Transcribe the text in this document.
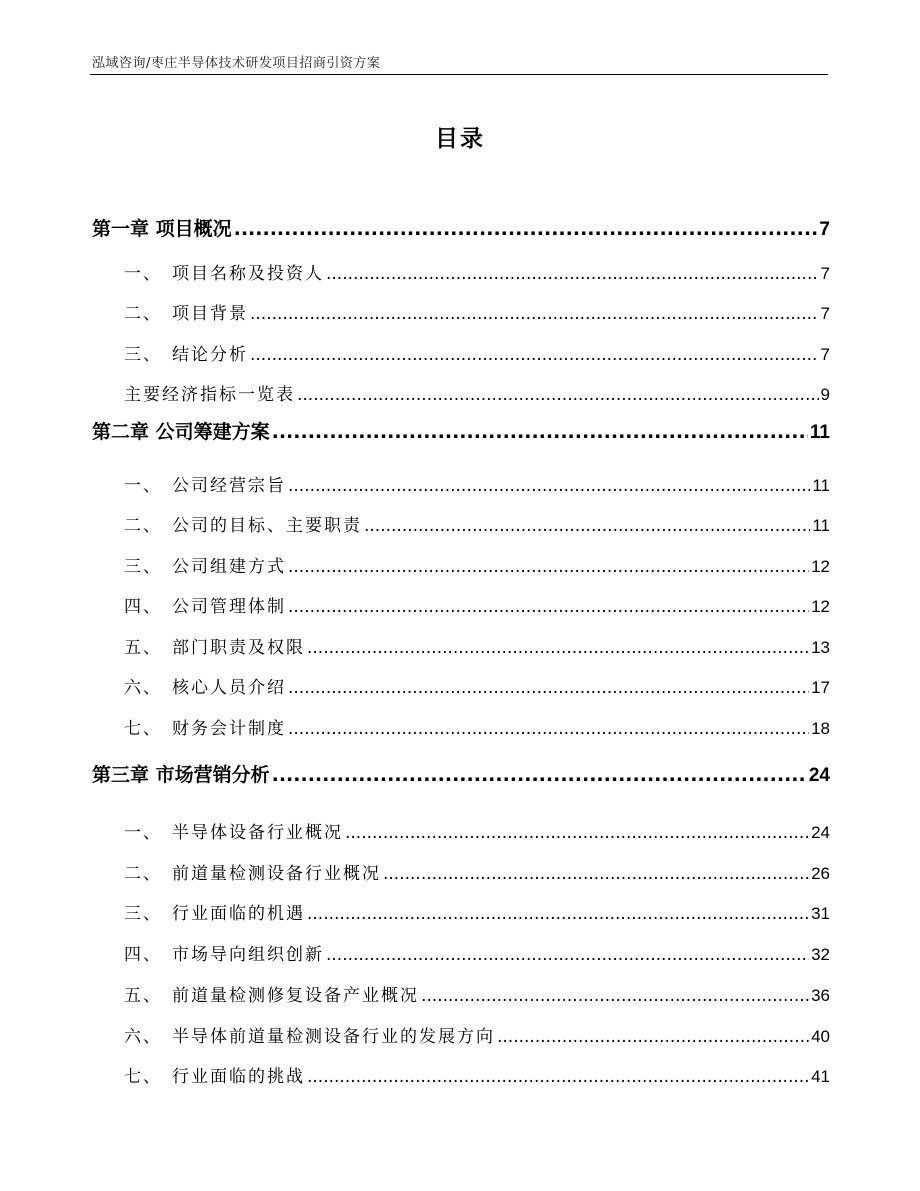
泓域咨询/枣庄半导体技术研发项目招商引资方案
目录
第一章 项目概况 .....	7
一、 项目名称及投资人 .....	7
二、 项目背景 .....	7
三、 结论分析 .....	7
主要经济指标一览表 .....	9
第二章 公司筹建方案 .....	11
一、 公司经营宗旨 .....	11
二、 公司的目标、主要职责 .....	11
三、 公司组建方式 .....	12
四、 公司管理体制 .....	12
五、 部门职责及权限 .....	13
六、 核心人员介绍 .....	17
七、 财务会计制度 .....	18
第三章 市场营销分析 .....	24
一、 半导体设备行业概况 .....	24
二、 前道量检测设备行业概况 .....	26
三、 行业面临的机遇 .....	31
四、 市场导向组织创新 .....	32
五、 前道量检测修复设备产业概况 .....	36
六、 半导体前道量检测设备行业的发展方向 .....	40
七、 行业面临的挑战 .....	41
